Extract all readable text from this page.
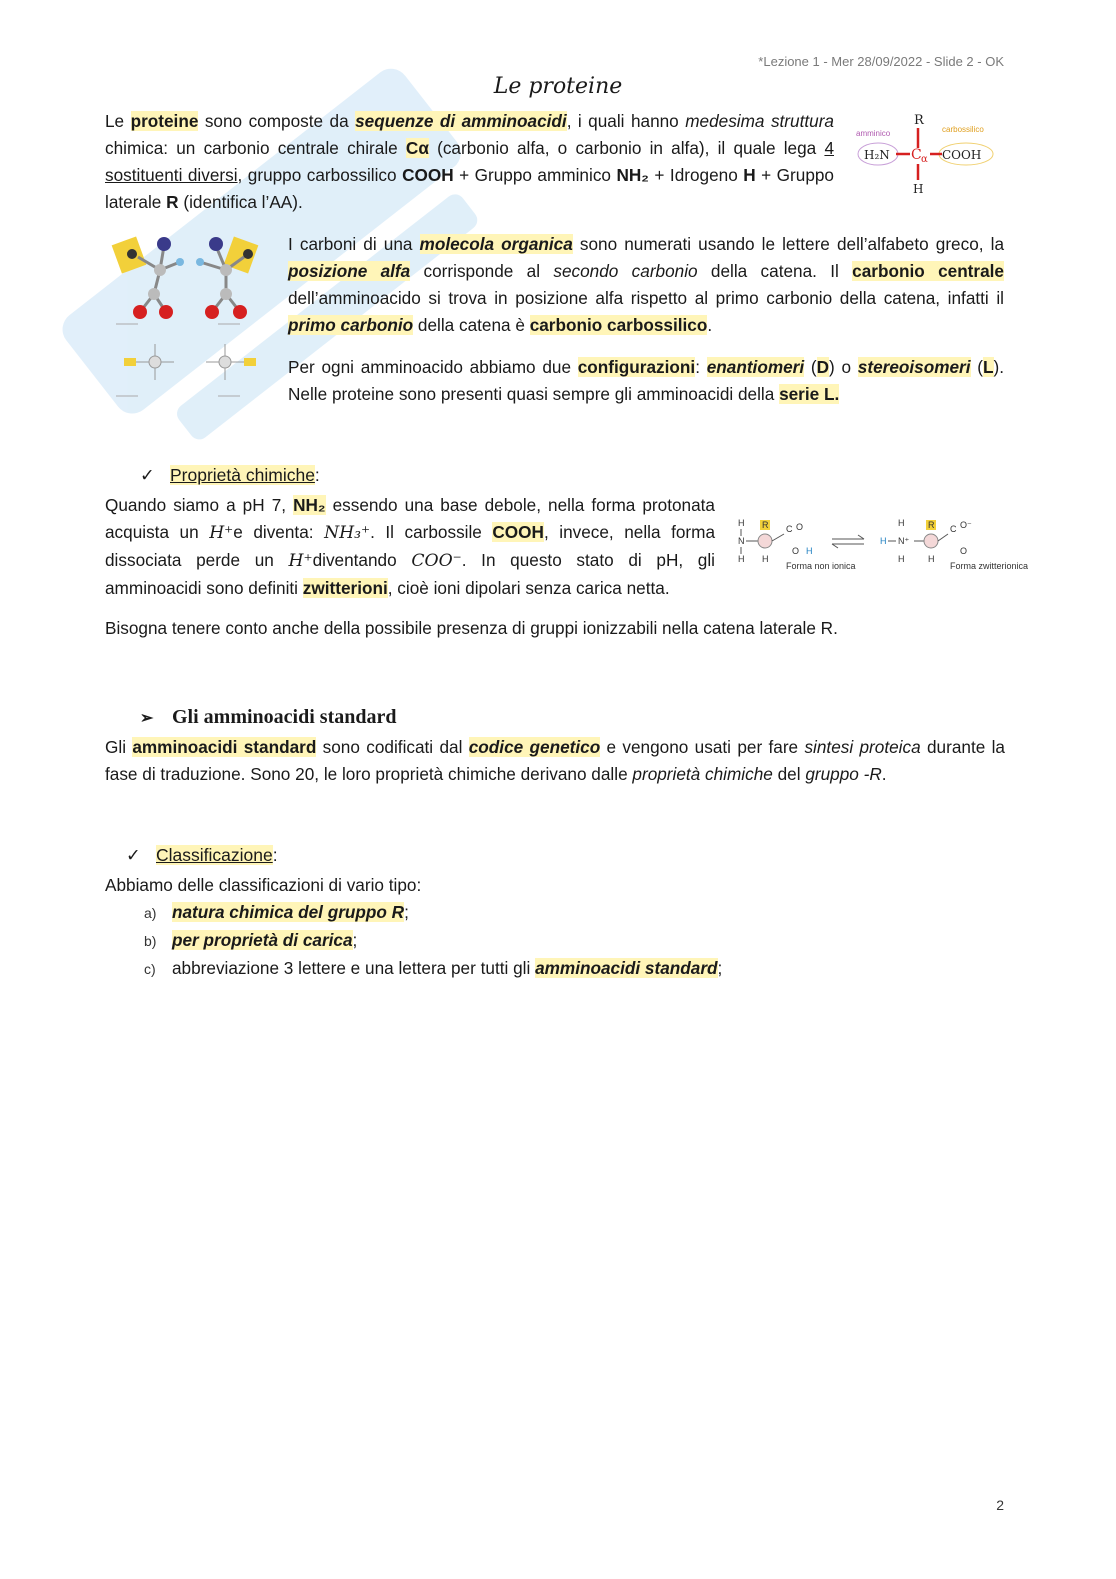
*Lezione 1 - Mer 28/09/2022 - Slide 2 - OK
Le proteine

Le proteine sono composte da sequenze di amminoacidi, i quali hanno medesima struttura chimica: un carbonio centrale chirale Cα (carbonio alfa, o carbonio in alfa), il quale lega 4 sostituenti diversi, gruppo carbossilico COOH + Gruppo amminico NH₂ + Idrogeno H + Gruppo laterale R (identifica l’AA).

R
amminico	carbossilico
H₂N C α COOH
H

I carboni di una molecola organica sono numerati usando le lettere dell’alfabeto greco, la posizione alfa corrisponde al secondo carbonio della catena. Il carbonio centrale dell’amminoacido si trova in posizione alfa rispetto al primo carbonio della catena, infatti il primo carbonio della catena è carbonio carbossilico.

Per ogni amminoacido abbiamo due configurazioni: enantiomeri (D) o stereoisomeri (L). Nelle proteine sono presenti quasi sempre gli amminoacidi della serie L.

✓ Proprietà chimiche:

Quando siamo a pH 7, NH₂ essendo una base debole, nella forma protonata acquista un H⁺e diventa: NH₃⁺. Il carbossile COOH, invece, nella forma dissociata perde un H⁺diventando COO⁻. In questo stato di pH, gli amminoacidi sono definiti zwitterioni, cioè ioni dipolari senza carica netta.

H
N
H
R
H
C O
O H
Forma non ionica
H
H
N⁺
H
R
H
C O⁻
O
Forma zwitterionica

Bisogna tenere conto anche della possibile presenza di gruppi ionizzabili nella catena laterale R.

➢ Gli amminoacidi standard

Gli amminoacidi standard sono codificati dal codice genetico e vengono usati per fare sintesi proteica durante la fase di traduzione. Sono 20, le loro proprietà chimiche derivano dalle proprietà chimiche del gruppo -R.

✓ Classificazione:

Abbiamo delle classificazioni di vario tipo:

a) natura chimica del gruppo R;
b) per proprietà di carica;
c) abbreviazione 3 lettere e una lettera per tutti gli amminoacidi standard;
2
